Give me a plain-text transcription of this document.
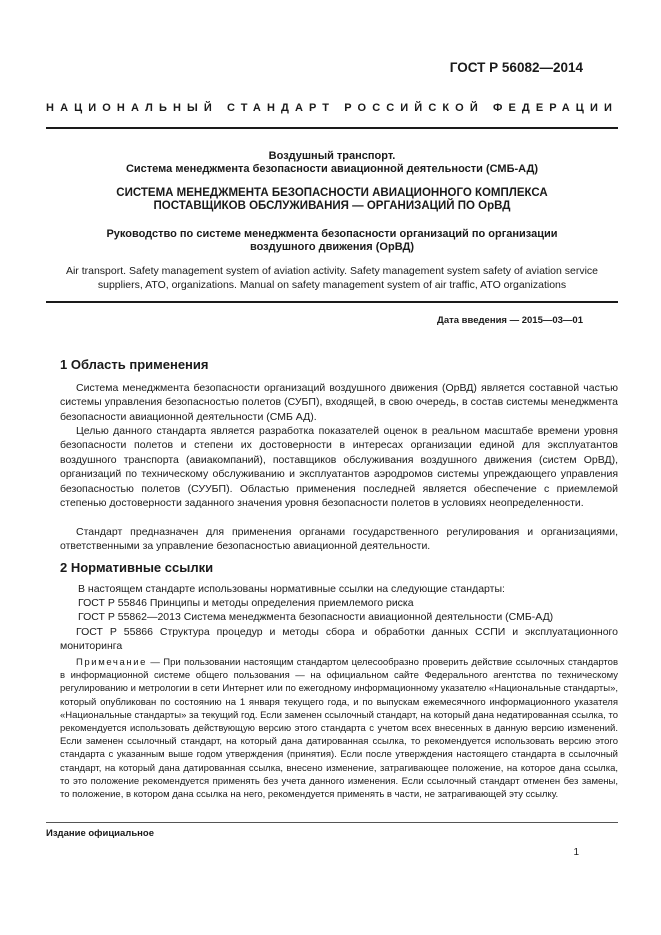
ГОСТ Р 56082—2014
НАЦИОНАЛЬНЫЙ СТАНДАРТ РОССИЙСКОЙ ФЕДЕРАЦИИ
Воздушный транспорт.
Система менеджмента безопасности авиационной деятельности (СМБ-АД)
СИСТЕМА МЕНЕДЖМЕНТА БЕЗОПАСНОСТИ АВИАЦИОННОГО КОМПЛЕКСА
ПОСТАВЩИКОВ ОБСЛУЖИВАНИЯ — ОРГАНИЗАЦИЙ ПО ОрВД
Руководство по системе менеджмента безопасности организаций по организации
воздушного движения (ОрВД)
Air transport. Safety management system of aviation activity. Safety management system safety of aviation service
suppliers, ATO, organizations. Manual on safety management system of air traffic, ATO organizations
Дата введения — 2015—03—01
1 Область применения
Система менеджмента безопасности организаций воздушного движения (ОрВД) является составной частью системы управления безопасностью полетов (СУБП), входящей, в свою очередь, в состав системы менеджмента безопасности авиационной деятельности (СМБ АД).
Целью данного стандарта является разработка показателей оценок в реальном масштабе времени уровня безопасности полетов и степени их достоверности в интересах организации единой для эксплуатантов воздушного транспорта (авиакомпаний), поставщиков обслуживания воздушного движения (систем ОрВД), организаций по техническому обслуживанию и эксплуатантов аэродромов системы упреждающего управления безопасностью полетов (СУУБП). Областью применения последней является обеспечение с приемлемой степенью достоверности заданного значения уровня безопасности полетов в условиях неопределенности.
Стандарт предназначен для применения органами государственного регулирования и организациями, ответственными за управление безопасностью авиационной деятельности.
2 Нормативные ссылки
В настоящем стандарте использованы нормативные ссылки на следующие стандарты:
ГОСТ Р 55846 Принципы и методы определения приемлемого риска
ГОСТ Р 55862—2013 Система менеджмента безопасности авиационной деятельности (СМБ-АД)
ГОСТ Р 55866 Структура процедур и методы сбора и обработки данных ССПИ и эксплуатационного мониторинга
Примечание — При пользовании настоящим стандартом целесообразно проверить действие ссылочных стандартов в информационной системе общего пользования — на официальном сайте Федерального агентства по техническому регулированию и метрологии в сети Интернет или по ежегодному информационному указателю «Национальные стандарты», который опубликован по состоянию на 1 января текущего года, и по выпускам ежемесячного информационного указателя «Национальные стандарты» за текущий год. Если заменен ссылочный стандарт, на который дана недатированная ссылка, то рекомендуется использовать действующую версию этого стандарта с учетом всех внесенных в данную версию изменений. Если заменен ссылочный стандарт, на который дана датированная ссылка, то рекомендуется использовать версию этого стандарта с указанным выше годом утверждения (принятия). Если после утверждения настоящего стандарта в ссылочный стандарт, на который дана датированная ссылка, внесено изменение, затрагивающее положение, на которое дана ссылка, то это положение рекомендуется применять без учета данного изменения. Если ссылочный стандарт отменен без замены, то положение, в котором дана ссылка на него, рекомендуется применять в части, не затрагивающей эту ссылку.
Издание официальное
1
